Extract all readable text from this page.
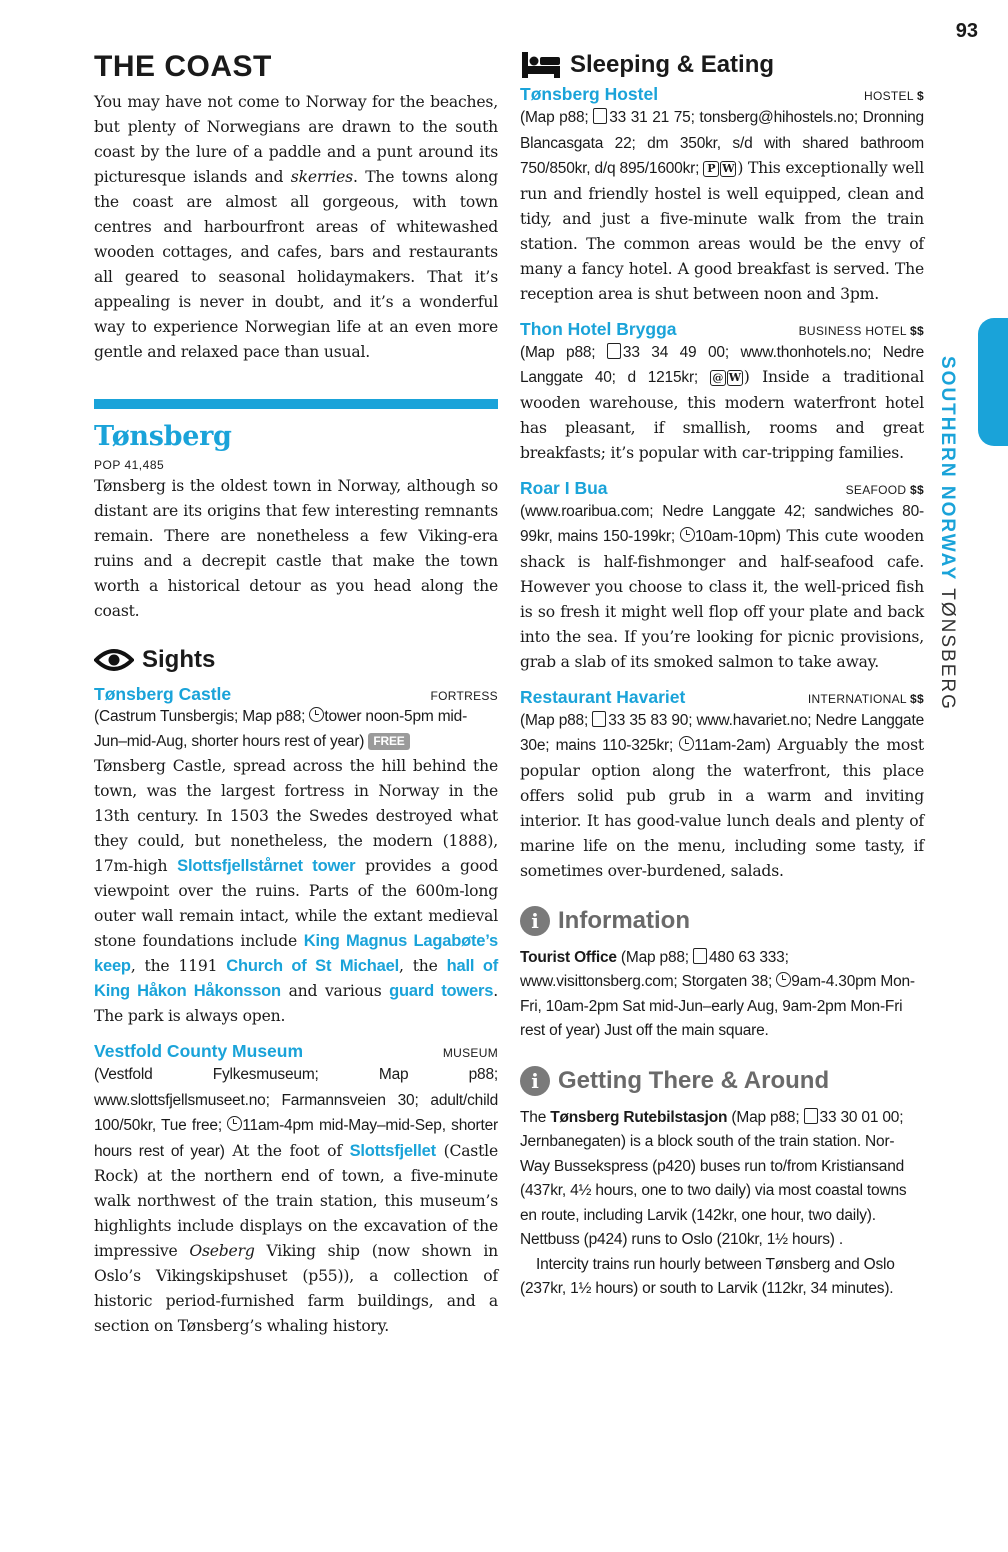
93
SOUTHERN NORWAY TØNSBERG
THE COAST

You may have not come to Norway for the beaches, but plenty of Norwegians are drawn to the south coast by the lure of a paddle and a punt around its picturesque islands and skerries. The towns along the coast are almost all gorgeous, with town centres and harbourfront areas of whitewashed wooden cottages, and cafes, bars and restaurants all geared to seasonal holidaymakers. That it’s appealing is never in doubt, and it’s a wonderful way to experience Norwegian life at an even more gentle and relaxed pace than usual.

Tønsberg
POP 41,485

Tønsberg is the oldest town in Norway, although so distant are its origins that few interesting remnants remain. There are nonetheless a few Viking-era ruins and a decrepit castle that make the town worth a historical detour as you head along the coast.

Sights
Tønsberg Castle	FORTRESS
(Castrum Tunsbergis; Map p88; tower noon-5pm mid-Jun–mid-Aug, shorter hours rest of year) FREE

Tønsberg Castle, spread across the hill behind the town, was the largest fortress in Norway in the 13th century. In 1503 the Swedes destroyed what they could, but nonetheless, the modern (1888), 17m-high Slottsfjellstårnet tower provides a good viewpoint over the ruins. Parts of the 600m-long outer wall remain intact, while the extant medieval stone foundations include King Magnus Lagabøte’s keep, the 1191 Church of St Michael, the hall of King Håkon Håkonsson and various guard towers. The park is always open.

Vestfold County Museum	MUSEUM

(Vestfold Fylkesmuseum; Map p88; www.slottsfjellsmuseet.no; Farmannsveien 30; adult/child 100/50kr, Tue free; 11am-4pm mid-May–mid-Sep, shorter hours rest of year) At the foot of Slottsfjellet (Castle Rock) at the northern end of town, a five-minute walk northwest of the train station, this museum’s highlights include displays on the excavation of the impressive Oseberg Viking ship (now shown in Oslo’s Vikingskipshuset (p55)), a collection of historic period-furnished farm buildings, and a section on Tønsberg’s whaling history.

Sleeping & Eating
Tønsberg Hostel	HOSTEL $

(Map p88; 33 31 21 75; tonsberg@hihostels.no; Dronning Blancasgata 22; dm 350kr, s/d with shared bathroom 750/850kr, d/q 895/1600kr; P W ) This exceptionally well run and friendly hostel is well equipped, clean and tidy, and just a five-minute walk from the train station. The common areas would be the envy of many a fancy hotel. A good breakfast is served. The reception area is shut between noon and 3pm.

Thon Hotel Brygga	BUSINESS HOTEL $$

(Map p88; 33 34 49 00; www.thonhotels.no; Nedre Langgate 40; d 1215kr; @ W ) Inside a traditional wooden warehouse, this modern waterfront hotel has pleasant, if smallish, rooms and great breakfasts; it’s popular with car-tripping families.

Roar I Bua	SEAFOOD $$

(www.roaribua.com; Nedre Langgate 42; sandwiches 80-99kr, mains 150-199kr; 10am-10pm) This cute wooden shack is half-fishmonger and half-seafood cafe. However you choose to class it, the well-priced fish is so fresh it might well flop off your plate and back into the sea. If you’re looking for picnic provisions, grab a slab of its smoked salmon to take away.

Restaurant Havariet	INTERNATIONAL $$

(Map p88; 33 35 83 90; www.havariet.no; Nedre Langgate 30e; mains 110-325kr; 11am-2am) Arguably the most popular option along the waterfront, this place offers solid pub grub in a warm and inviting interior. It has good-value lunch deals and plenty of marine life on the menu, including some tasty, if sometimes over-burdened, salads.

i Information
Tourist Office (Map p88; 480 63 333; www.visittonsberg.com; Storgaten 38; 9am-4.30pm Mon-Fri, 10am-2pm Sat mid-Jun–early Aug, 9am-2pm Mon-Fri rest of year) Just off the main square.
i Getting There & Around
The Tønsberg Rutebilstasjon (Map p88; 33 30 01 00; Jernbanegaten) is a block south of the train station. Nor-Way Bussekspress (p420) buses run to/from Kristiansand (437kr, 4½ hours, one to two daily) via most coastal towns en route, including Larvik (142kr, one hour, two daily). Nettbuss (p424) runs to Oslo (210kr, 1½ hours) .
Intercity trains run hourly between Tønsberg and Oslo (237kr, 1½ hours) or south to Larvik (112kr, 34 minutes).
